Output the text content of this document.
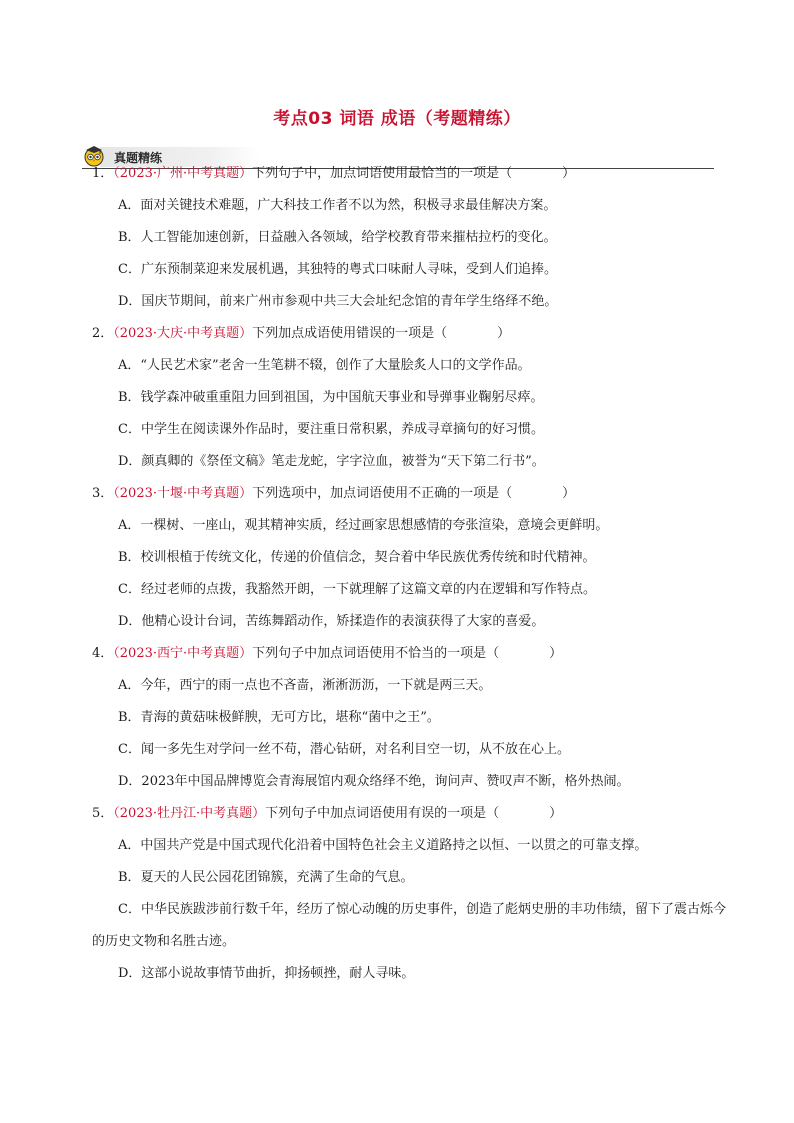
考点03 词语 成语（考题精练）
真题精练

1．（2023·广州·中考真题）下列句子中，加点词语使用最恰当的一项是（	）

A．面对关键技术难题，广大科技工作者不以为然，积极寻求最佳解决方案。

B．人工智能加速创新，日益融入各领域，给学校教育带来摧枯拉朽的变化。

C．广东预制菜迎来发展机遇，其独特的粤式口味耐人寻味，受到人们追捧。

D．国庆节期间，前来广州市参观中共三大会址纪念馆的青年学生络绎不绝。

2．（2023·大庆·中考真题）下列加点成语使用错误的一项是（	）

A．“人民艺术家”老舍一生笔耕不辍，创作了大量脍炙人口的文学作品。

B．钱学森冲破重重阻力回到祖国，为中国航天事业和导弹事业鞠躬尽瘁。

C．中学生在阅读课外作品时，要注重日常积累，养成寻章摘句的好习惯。

D．颜真卿的《祭侄文稿》笔走龙蛇，字字泣血，被誉为“天下第二行书”。

3．（2023·十堰·中考真题）下列选项中，加点词语使用不正确的一项是（	）

A．一棵树、一座山，观其精神实质，经过画家思想感情的夸张渲染，意境会更鲜明。

B．校训根植于传统文化，传递的价值信念，契合着中华民族优秀传统和时代精神。

C．经过老师的点拨，我豁然开朗，一下就理解了这篇文章的内在逻辑和写作特点。

D．他精心设计台词，苦练舞蹈动作，矫揉造作的表演获得了大家的喜爱。

4．（2023·西宁·中考真题）下列句子中加点词语使用不恰当的一项是（	）

A．今年，西宁的雨一点也不吝啬，淅淅沥沥，一下就是两三天。

B．青海的黄菇味极鲜腴，无可方比，堪称“菌中之王”。

C．闻一多先生对学问一丝不苟，潜心钻研，对名利目空一切，从不放在心上。

D．2023年中国品牌博览会青海展馆内观众络绎不绝，询问声、赞叹声不断，格外热闹。

5．（2023·牡丹江·中考真题）下列句子中加点词语使用有误的一项是（	）

A．中国共产党是中国式现代化沿着中国特色社会主义道路持之以恒、一以贯之的可靠支撑。

B．夏天的人民公园花团锦簇，充满了生命的气息。

C．中华民族跋涉前行数千年，经历了惊心动魄的历史事件，创造了彪炳史册的丰功伟绩，留下了震古烁今的历史文物和名胜古迹。

D．这部小说故事情节曲折，抑扬顿挫，耐人寻味。
